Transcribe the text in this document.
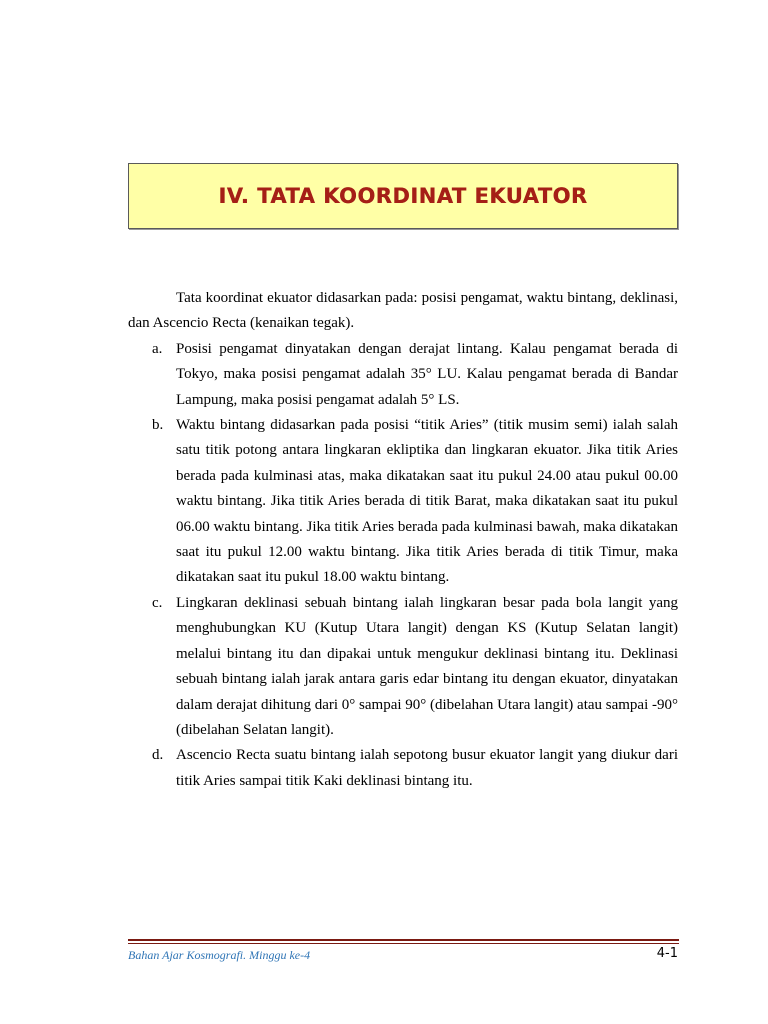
IV. TATA KOORDINAT EKUATOR

Tata koordinat ekuator didasarkan pada: posisi pengamat, waktu bintang, deklinasi, dan Ascencio Recta (kenaikan tegak).

a. Posisi pengamat dinyatakan dengan derajat lintang. Kalau pengamat berada di Tokyo, maka posisi pengamat adalah 35° LU. Kalau pengamat berada di Bandar Lampung, maka posisi pengamat adalah 5° LS.
b. Waktu bintang didasarkan pada posisi “titik Aries” (titik musim semi) ialah salah satu titik potong antara lingkaran ekliptika dan lingkaran ekuator. Jika titik Aries berada pada kulminasi atas, maka dikatakan saat itu pukul 24.00 atau pukul 00.00 waktu bintang. Jika titik Aries berada di titik Barat, maka dikatakan saat itu pukul 06.00 waktu bintang. Jika titik Aries berada pada kulminasi bawah, maka dikatakan saat itu pukul 12.00 waktu bintang. Jika titik Aries berada di titik Timur, maka dikatakan saat itu pukul 18.00 waktu bintang.
c. Lingkaran deklinasi sebuah bintang ialah lingkaran besar pada bola langit yang menghubungkan KU (Kutup Utara langit) dengan KS (Kutup Selatan langit) melalui bintang itu dan dipakai untuk mengukur deklinasi bintang itu. Deklinasi sebuah bintang ialah jarak antara garis edar bintang itu dengan ekuator, dinyatakan dalam derajat dihitung dari 0° sampai 90° (dibelahan Utara langit) atau sampai -90° (dibelahan Selatan langit).
d. Ascencio Recta suatu bintang ialah sepotong busur ekuator langit yang diukur dari titik Aries sampai titik Kaki deklinasi bintang itu.
Bahan Ajar Kosmografi. Minggu ke-4	4-1
